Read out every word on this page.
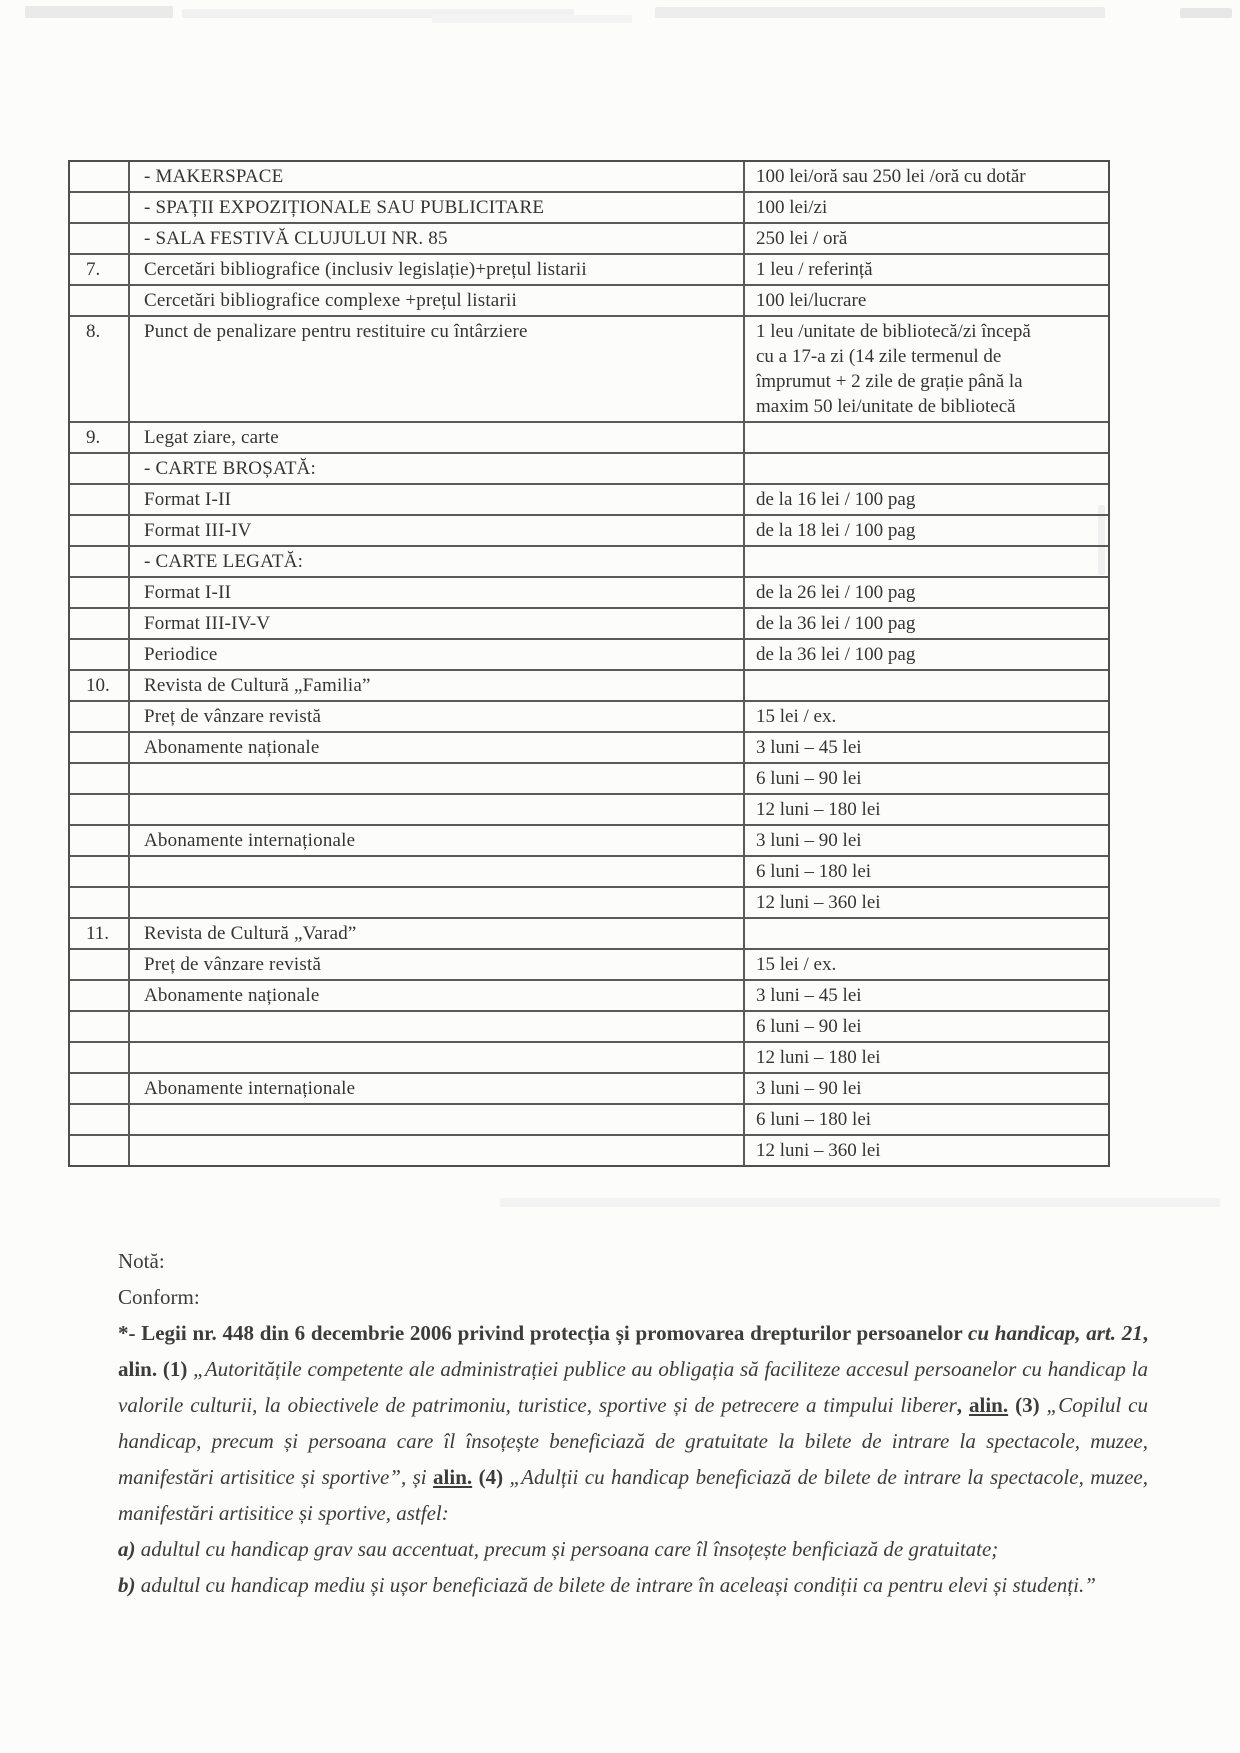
- MAKERSPACE	100 lei/oră sau 250 lei /oră cu dotăr
- SPAȚII EXPOZIȚIONALE SAU PUBLICITARE	100 lei/zi
- SALA FESTIVĂ CLUJULUI NR. 85	250 lei / oră
7.	Cercetări bibliografice (inclusiv legislație)+prețul listarii	1 leu / referință
Cercetări bibliografice complexe +prețul listarii	100 lei/lucrare
8.	Punct de penalizare pentru restituire cu întârziere	1 leu /unitate de bibliotecă/zi începă
cu a 17-a zi (14 zile termenul de
împrumut + 2 zile de grație până la
maxim 50 lei/unitate de bibliotecă
9.	Legat ziare, carte
- CARTE BROȘATĂ:
Format I-II	de la 16 lei / 100 pag
Format III-IV	de la 18 lei / 100 pag
- CARTE LEGATĂ:
Format I-II	de la 26 lei / 100 pag
Format III-IV-V	de la 36 lei / 100 pag
Periodice	de la 36 lei / 100 pag
10.	Revista de Cultură „Familia”
Preț de vânzare revistă	15 lei / ex.
Abonamente naționale	3 luni – 45 lei
6 luni – 90 lei
12 luni – 180 lei
Abonamente internaționale	3 luni – 90 lei
6 luni – 180 lei
12 luni – 360 lei
11.	Revista de Cultură „Varad”
Preț de vânzare revistă	15 lei / ex.
Abonamente naționale	3 luni – 45 lei
6 luni – 90 lei
12 luni – 180 lei
Abonamente internaționale	3 luni – 90 lei
6 luni – 180 lei
12 luni – 360 lei

Notă:

Conform:

*- Legii nr. 448 din 6 decembrie 2006 privind protecția și promovarea drepturilor persoanelor cu handicap, art. 21, alin. (1) „Autoritățile competente ale administrației publice au obligația să faciliteze accesul persoanelor cu handicap la valorile culturii, la obiectivele de patrimoniu, turistice, sportive și de petrecere a timpului liberer, alin. (3) „Copilul cu handicap, precum și persoana care îl însoțește beneficiază de gratuitate la bilete de intrare la spectacole, muzee, manifestări artisitice și sportive”, și alin. (4) „Adulții cu handicap beneficiază de bilete de intrare la spectacole, muzee, manifestări artisitice și sportive, astfel:

a) adultul cu handicap grav sau accentuat, precum și persoana care îl însoțește benficiază de gratuitate;

b) adultul cu handicap mediu și ușor beneficiază de bilete de intrare în aceleași condiții ca pentru elevi și studenți.”
